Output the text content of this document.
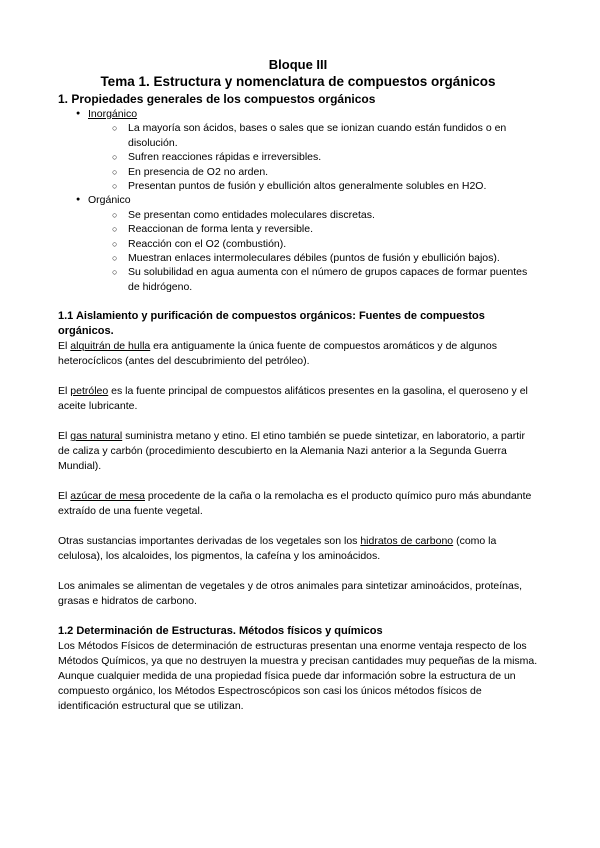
Bloque III
Tema 1. Estructura y nomenclatura de compuestos orgánicos
1. Propiedades generales de los compuestos orgánicos
● Inorgánico
○ La mayoría son ácidos, bases o sales que se ionizan cuando están fundidos o en disolución.
○ Sufren reacciones rápidas e irreversibles.
○ En presencia de O2 no arden.
○ Presentan puntos de fusión y ebullición altos generalmente solubles en H2O.
● Orgánico
○ Se presentan como entidades moleculares discretas.
○ Reaccionan de forma lenta y reversible.
○ Reacción con el O2 (combustión).
○ Muestran enlaces intermoleculares débiles (puntos de fusión y ebullición bajos).
○ Su solubilidad en agua aumenta con el número de grupos capaces de formar puentes de hidrógeno.
1.1 Aislamiento y purificación de compuestos orgánicos: Fuentes de compuestos orgánicos.

El alquitrán de hulla era antiguamente la única fuente de compuestos aromáticos y de algunos heterocíclicos (antes del descubrimiento del petróleo).

El petróleo es la fuente principal de compuestos alifáticos presentes en la gasolina, el queroseno y el aceite lubricante.

El gas natural suministra metano y etino. El etino también se puede sintetizar, en laboratorio, a partir de caliza y carbón (procedimiento descubierto en la Alemania Nazi anterior a la Segunda Guerra Mundial).

El azúcar de mesa procedente de la caña o la remolacha es el producto químico puro más abundante extraído de una fuente vegetal.

Otras sustancias importantes derivadas de los vegetales son los hidratos de carbono (como la celulosa), los alcaloides, los pigmentos, la cafeína y los aminoácidos.

Los animales se alimentan de vegetales y de otros animales para sintetizar aminoácidos, proteínas, grasas e hidratos de carbono.

1.2 Determinación de Estructuras. Métodos físicos y químicos

Los Métodos Físicos de determinación de estructuras presentan una enorme ventaja respecto de los Métodos Químicos, ya que no destruyen la muestra y precisan cantidades muy pequeñas de la misma.

Aunque cualquier medida de una propiedad física puede dar información sobre la estructura de un compuesto orgánico, los Métodos Espectroscópicos son casi los únicos métodos físicos de identificación estructural que se utilizan.
